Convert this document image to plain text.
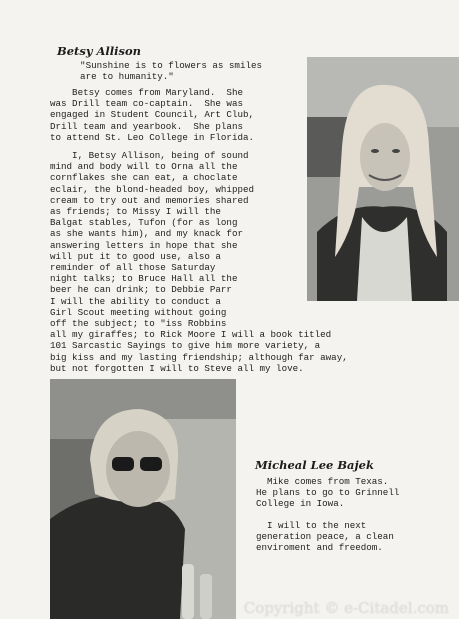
Betsy Allison
"Sunshine is to flowers as smiles
are to humanity."
Betsy comes from Maryland.  She
was Drill team co-captain.  She was
engaged in Student Council, Art Club,
Drill team and yearbook.  She plans
to attend St. Leo College in Florida.
I, Betsy Allison, being of sound
mind and body will to Orna all the
cornflakes she can eat, a choclate
eclair, the blond-headed boy, whipped
cream to try out and memories shared
as friends; to Missy I will the
Balgat stables, Tufon (for as long
as she wants him), and my knack for
answering letters in hope that she
will put it to good use, also a
reminder of all those Saturday
night talks; to Bruce Hall all the
beer he can drink; to Debbie Parr
I will the ability to conduct a
Girl Scout meeting without going
off the subject; to "iss Robbins
all my giraffes; to Rick Moore I will a book titled
101 Sarcastic Sayings to give him more variety, a
big kiss and my lasting friendship; although far away,
but not forgotten I will to Steve all my love.
Micheal Lee Bajek
Mike comes from Texas.
He plans to go to Grinnell
College in Iowa.
I will to the next
generation peace, a clean
enviroment and freedom.
Copyright © e-Citadel.com
